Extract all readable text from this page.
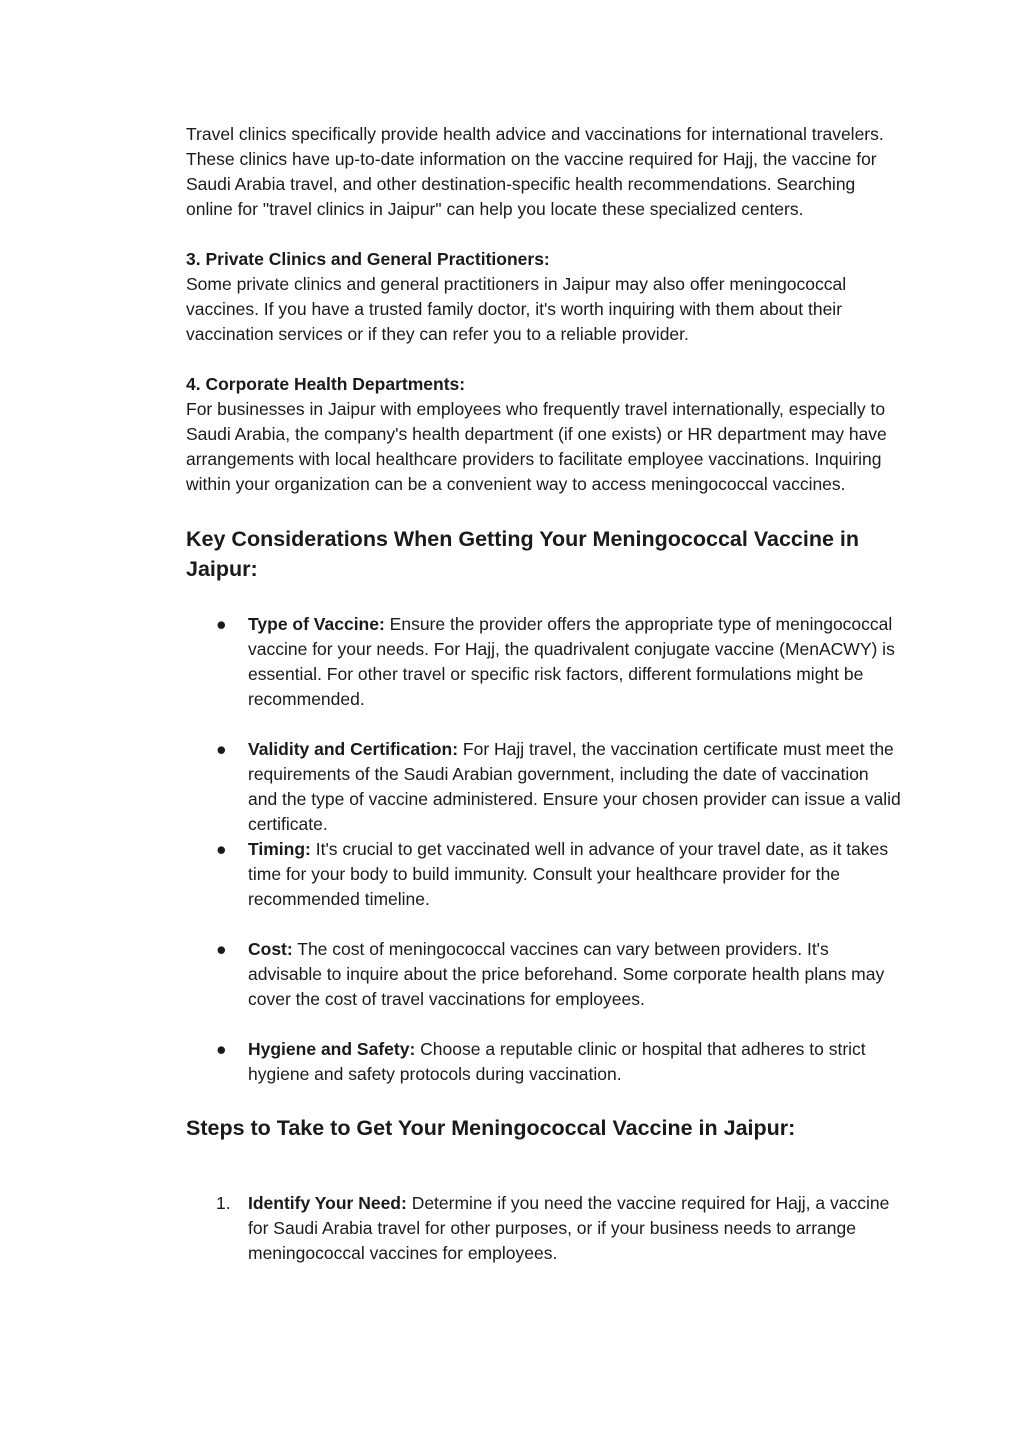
Travel clinics specifically provide health advice and vaccinations for international travelers. These clinics have up-to-date information on the vaccine required for Hajj, the vaccine for Saudi Arabia travel, and other destination-specific health recommendations. Searching online for "travel clinics in Jaipur" can help you locate these specialized centers.

3. Private Clinics and General Practitioners:

Some private clinics and general practitioners in Jaipur may also offer meningococcal vaccines. If you have a trusted family doctor, it's worth inquiring with them about their vaccination services or if they can refer you to a reliable provider.

4. Corporate Health Departments:

For businesses in Jaipur with employees who frequently travel internationally, especially to Saudi Arabia, the company's health department (if one exists) or HR department may have arrangements with local healthcare providers to facilitate employee vaccinations. Inquiring within your organization can be a convenient way to access meningococcal vaccines.

Key Considerations When Getting Your Meningococcal Vaccine in Jaipur:
● Type of Vaccine: Ensure the provider offers the appropriate type of meningococcal vaccine for your needs. For Hajj, the quadrivalent conjugate vaccine (MenACWY) is essential. For other travel or specific risk factors, different formulations might be recommended.
● Validity and Certification: For Hajj travel, the vaccination certificate must meet the requirements of the Saudi Arabian government, including the date of vaccination and the type of vaccine administered. Ensure your chosen provider can issue a valid certificate.
● Timing: It's crucial to get vaccinated well in advance of your travel date, as it takes time for your body to build immunity. Consult your healthcare provider for the recommended timeline.
● Cost: The cost of meningococcal vaccines can vary between providers. It's advisable to inquire about the price beforehand. Some corporate health plans may cover the cost of travel vaccinations for employees.
● Hygiene and Safety: Choose a reputable clinic or hospital that adheres to strict hygiene and safety protocols during vaccination.
Steps to Take to Get Your Meningococcal Vaccine in Jaipur:
1. Identify Your Need: Determine if you need the vaccine required for Hajj, a vaccine for Saudi Arabia travel for other purposes, or if your business needs to arrange meningococcal vaccines for employees.
